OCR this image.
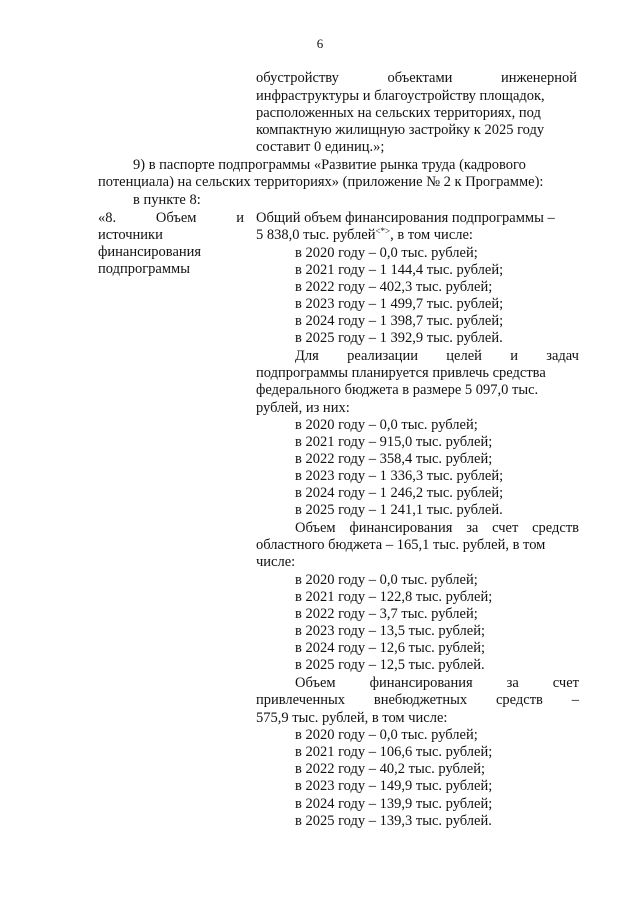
6
обустройству	объектами	инженерной
инфраструктуры и благоустройству площадок,
расположенных на сельских территориях, под
компактную жилищную застройку к 2025 году
составит 0 единиц.»;
9) в паспорте подпрограммы «Развитие рынка труда (кадрового
потенциала) на сельских территориях» (приложение № 2 к Программе):
в пункте 8:
«8.	Объем	и
источники
финансирования
подпрограммы
Общий объем финансирования подпрограммы –
5 838,0 тыс. рублей<*>, в том числе:
в 2020 году – 0,0 тыс. рублей;
в 2021 году – 1 144,4 тыс. рублей;
в 2022 году – 402,3 тыс. рублей;
в 2023 году – 1 499,7 тыс. рублей;
в 2024 году – 1 398,7 тыс. рублей;
в 2025 году – 1 392,9 тыс. рублей.
Для реализации целей и задач
подпрограммы планируется привлечь средства
федерального бюджета в размере 5 097,0 тыс.
рублей, из них:
в 2020 году – 0,0 тыс. рублей;
в 2021 году – 915,0 тыс. рублей;
в 2022 году – 358,4 тыс. рублей;
в 2023 году – 1 336,3 тыс. рублей;
в 2024 году – 1 246,2 тыс. рублей;
в 2025 году – 1 241,1 тыс. рублей.
Объем финансирования за счет средств
областного бюджета – 165,1 тыс. рублей, в том
числе:
в 2020 году – 0,0 тыс. рублей;
в 2021 году – 122,8 тыс. рублей;
в 2022 году – 3,7 тыс. рублей;
в 2023 году – 13,5 тыс. рублей;
в 2024 году – 12,6 тыс. рублей;
в 2025 году – 12,5 тыс. рублей.
Объем финансирования за счет
привлеченных внебюджетных средств –
575,9 тыс. рублей, в том числе:
в 2020 году – 0,0 тыс. рублей;
в 2021 году – 106,6 тыс. рублей;
в 2022 году – 40,2 тыс. рублей;
в 2023 году – 149,9 тыс. рублей;
в 2024 году – 139,9 тыс. рублей;
в 2025 году – 139,3 тыс. рублей.
